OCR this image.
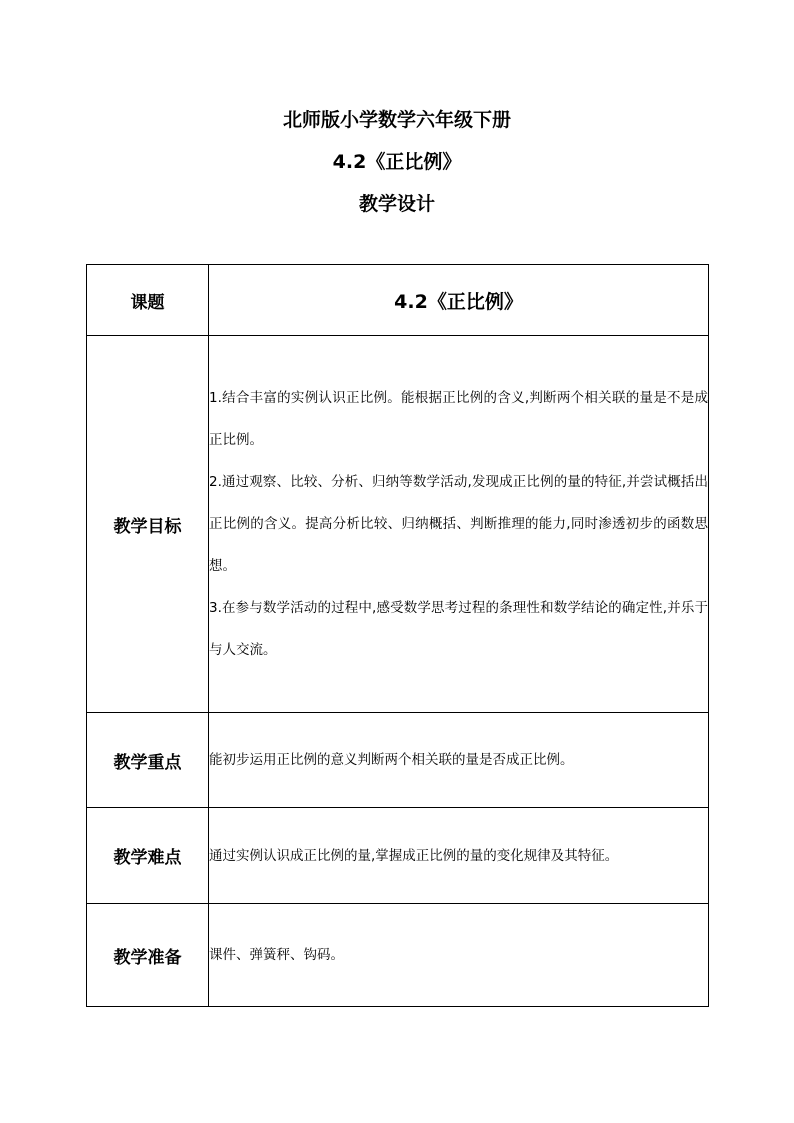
北师版小学数学六年级下册
4.2《正比例》
教学设计
课题	4.2《正比例》
教学目标	1.结合丰富的实例认识正比例。能根据正比例的含义,判断两个相关联的量是不是成正比例。
2.通过观察、比较、分析、归纳等数学活动,发现成正比例的量的特征,并尝试概括出正比例的含义。提高分析比较、归纳概括、判断推理的能力,同时渗透初步的函数思想。
3.在参与数学活动的过程中,感受数学思考过程的条理性和数学结论的确定性,并乐于与人交流。

教学重点	能初步运用正比例的意义判断两个相关联的量是否成正比例。
教学难点	通过实例认识成正比例的量,掌握成正比例的量的变化规律及其特征。
教学准备	课件、弹簧秤、钩码。
